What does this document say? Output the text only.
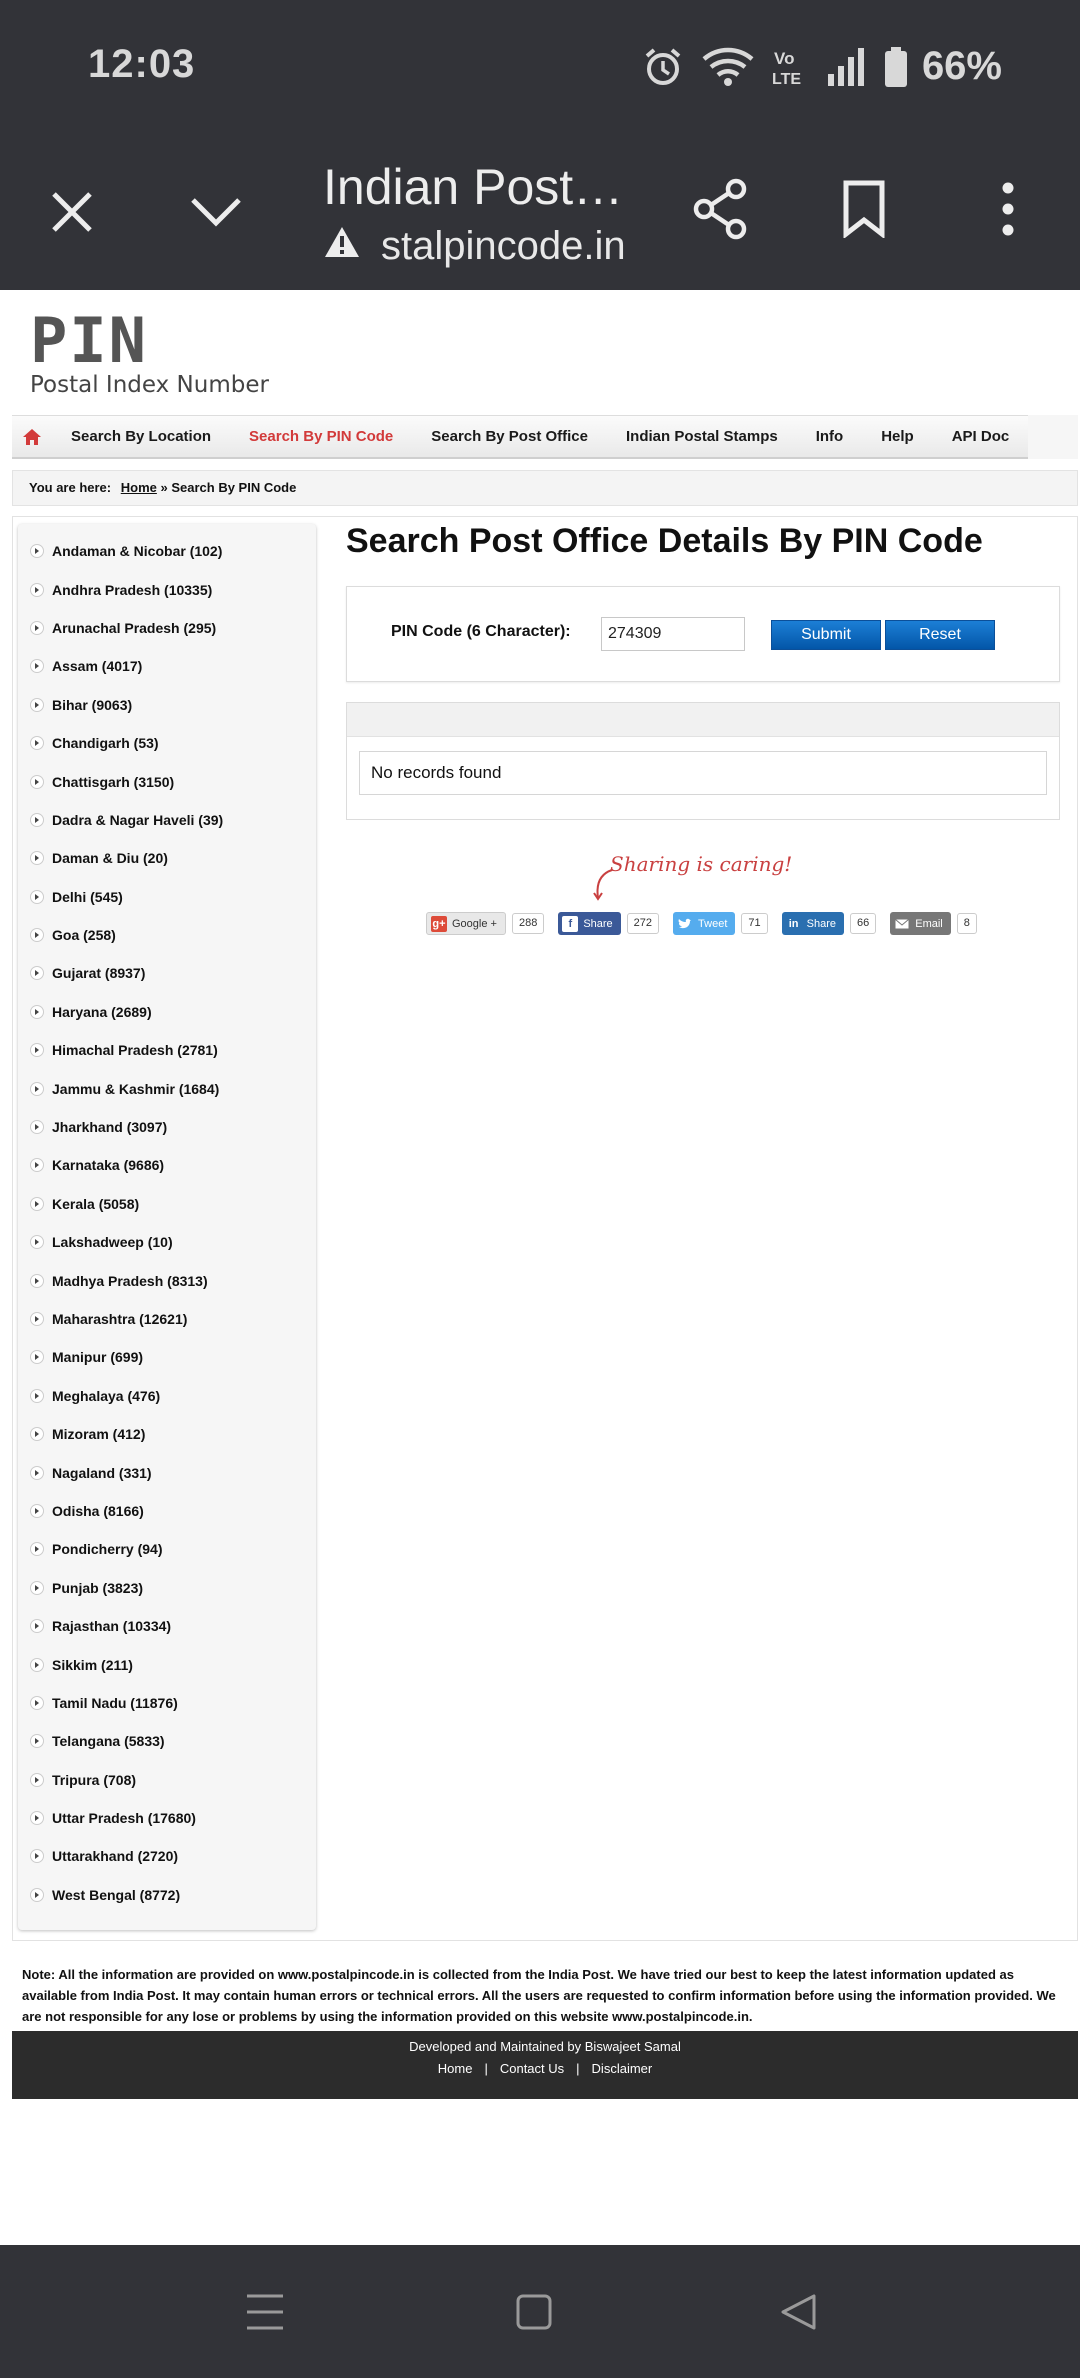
12:03	Vo
LTE	66%
Indian Post…
stalpincode.in
PIN
Postal Index Number
Search By Location	Search By PIN Code	Search By Post Office	Indian Postal Stamps	Info	Help	API Doc
You are here: Home » Search By PIN Code
Andaman & Nicobar (102)
Andhra Pradesh (10335)
Arunachal Pradesh (295)
Assam (4017)
Bihar (9063)
Chandigarh (53)
Chattisgarh (3150)
Dadra & Nagar Haveli (39)
Daman & Diu (20)
Delhi (545)
Goa (258)
Gujarat (8937)
Haryana (2689)
Himachal Pradesh (2781)
Jammu & Kashmir (1684)
Jharkhand (3097)
Karnataka (9686)
Kerala (5058)
Lakshadweep (10)
Madhya Pradesh (8313)
Maharashtra (12621)
Manipur (699)
Meghalaya (476)
Mizoram (412)
Nagaland (331)
Odisha (8166)
Pondicherry (94)
Punjab (3823)
Rajasthan (10334)
Sikkim (211)
Tamil Nadu (11876)
Telangana (5833)
Tripura (708)
Uttar Pradesh (17680)
Uttarakhand (2720)
West Bengal (8772)
Search Post Office Details By PIN Code
PIN Code (6 Character):
274309	Submit	Reset
No records found
Sharing is caring!
g+ Google +	288	f	Share	272	Tweet	71	in Share	66	Email	8

Note: All the information are provided on www.postalpincode.in is collected from the India Post. We have tried our best to keep the latest information updated as available from India Post. It may contain human errors or technical errors. All the users are requested to confirm information before using the information provided. We are not responsible for any lose or problems by using the information provided on this website www.postalpincode.in.

Developed and Maintained by Biswajeet Samal
Home | Contact Us | Disclaimer
